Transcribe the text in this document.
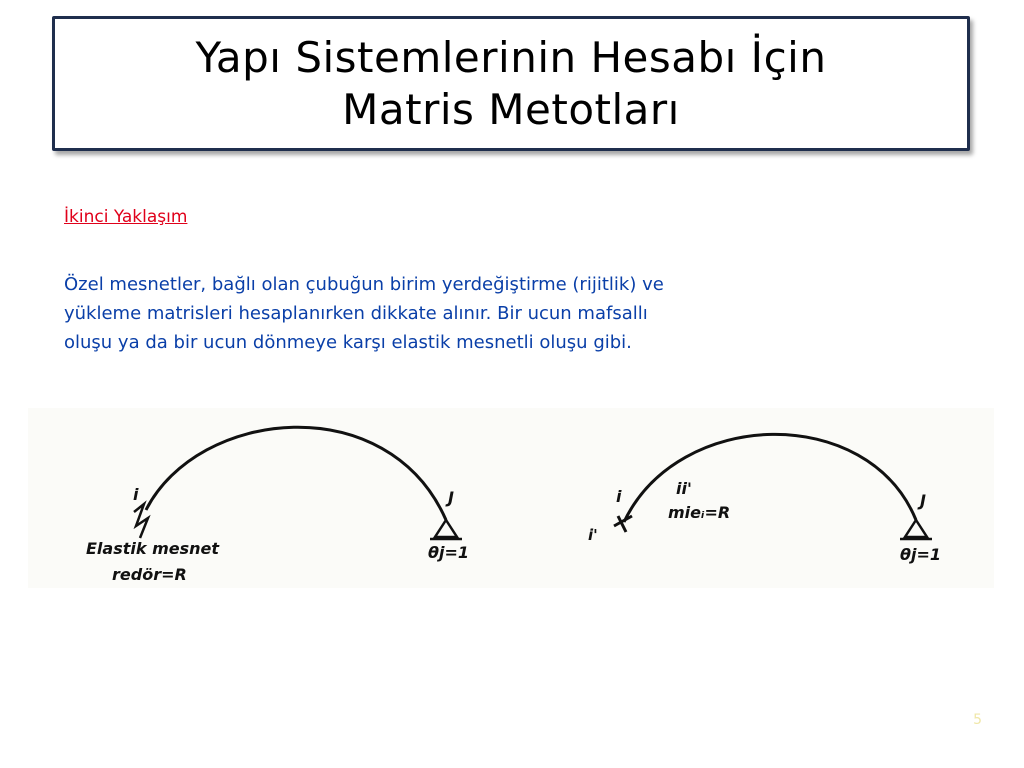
Yapı Sistemlerinin Hesabı İçin
Matris Metotları
İkinci Yaklaşım
Özel mesnetler, bağlı olan çubuğun birim yerdeğiştirme (rijitlik) ve
yükleme matrisleri hesaplanırken dikkate alınır. Bir ucun mafsallı
oluşu ya da bir ucun dönmeye karşı elastik mesnetli oluşu gibi.
i	J
Elastik mesnet
redör=R
θj=1
i
i'
ii'
mieᵢ=R
J
θj=1
5
